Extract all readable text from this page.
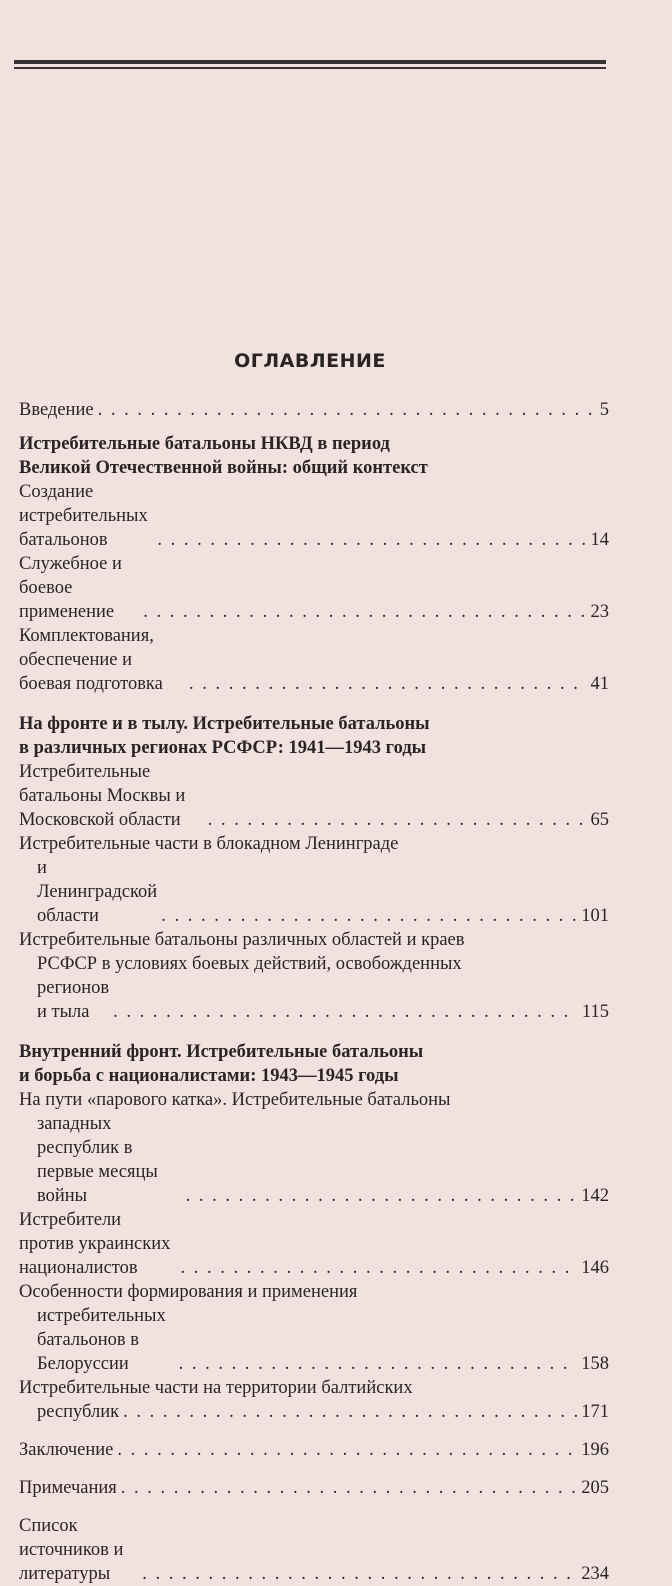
ОГЛАВЛЕНИЕ
Введение . . .	5
Истребительные батальоны НКВД в период
Великой Отечественной войны: общий контекст
Создание истребительных батальонов . . .	14
Служебное и боевое применение . . .	23
Комплектования, обеспечение и боевая подготовка . . .	41
На фронте и в тылу. Истребительные батальоны
в различных регионах РСФСР: 1941—1943 годы
Истребительные батальоны Москвы и Московской области . . .	65
Истребительные части в блокадном Ленинграде
и Ленинградской области . . .	101
Истребительные батальоны различных областей и краев
РСФСР в условиях боевых действий, освобожденных
регионов и тыла . . .	115
Внутренний фронт. Истребительные батальоны
и борьба с националистами: 1943—1945 годы
На пути «парового катка». Истребительные батальоны
западных республик в первые месяцы войны . . .	142
Истребители против украинских националистов . . .	146
Особенности формирования и применения
истребительных батальонов в Белоруссии . . .	158
Истребительные части на территории балтийских
республик . . .	171
Заключение . . .	196
Примечания . . .	205
Список источников и литературы . . .	234
